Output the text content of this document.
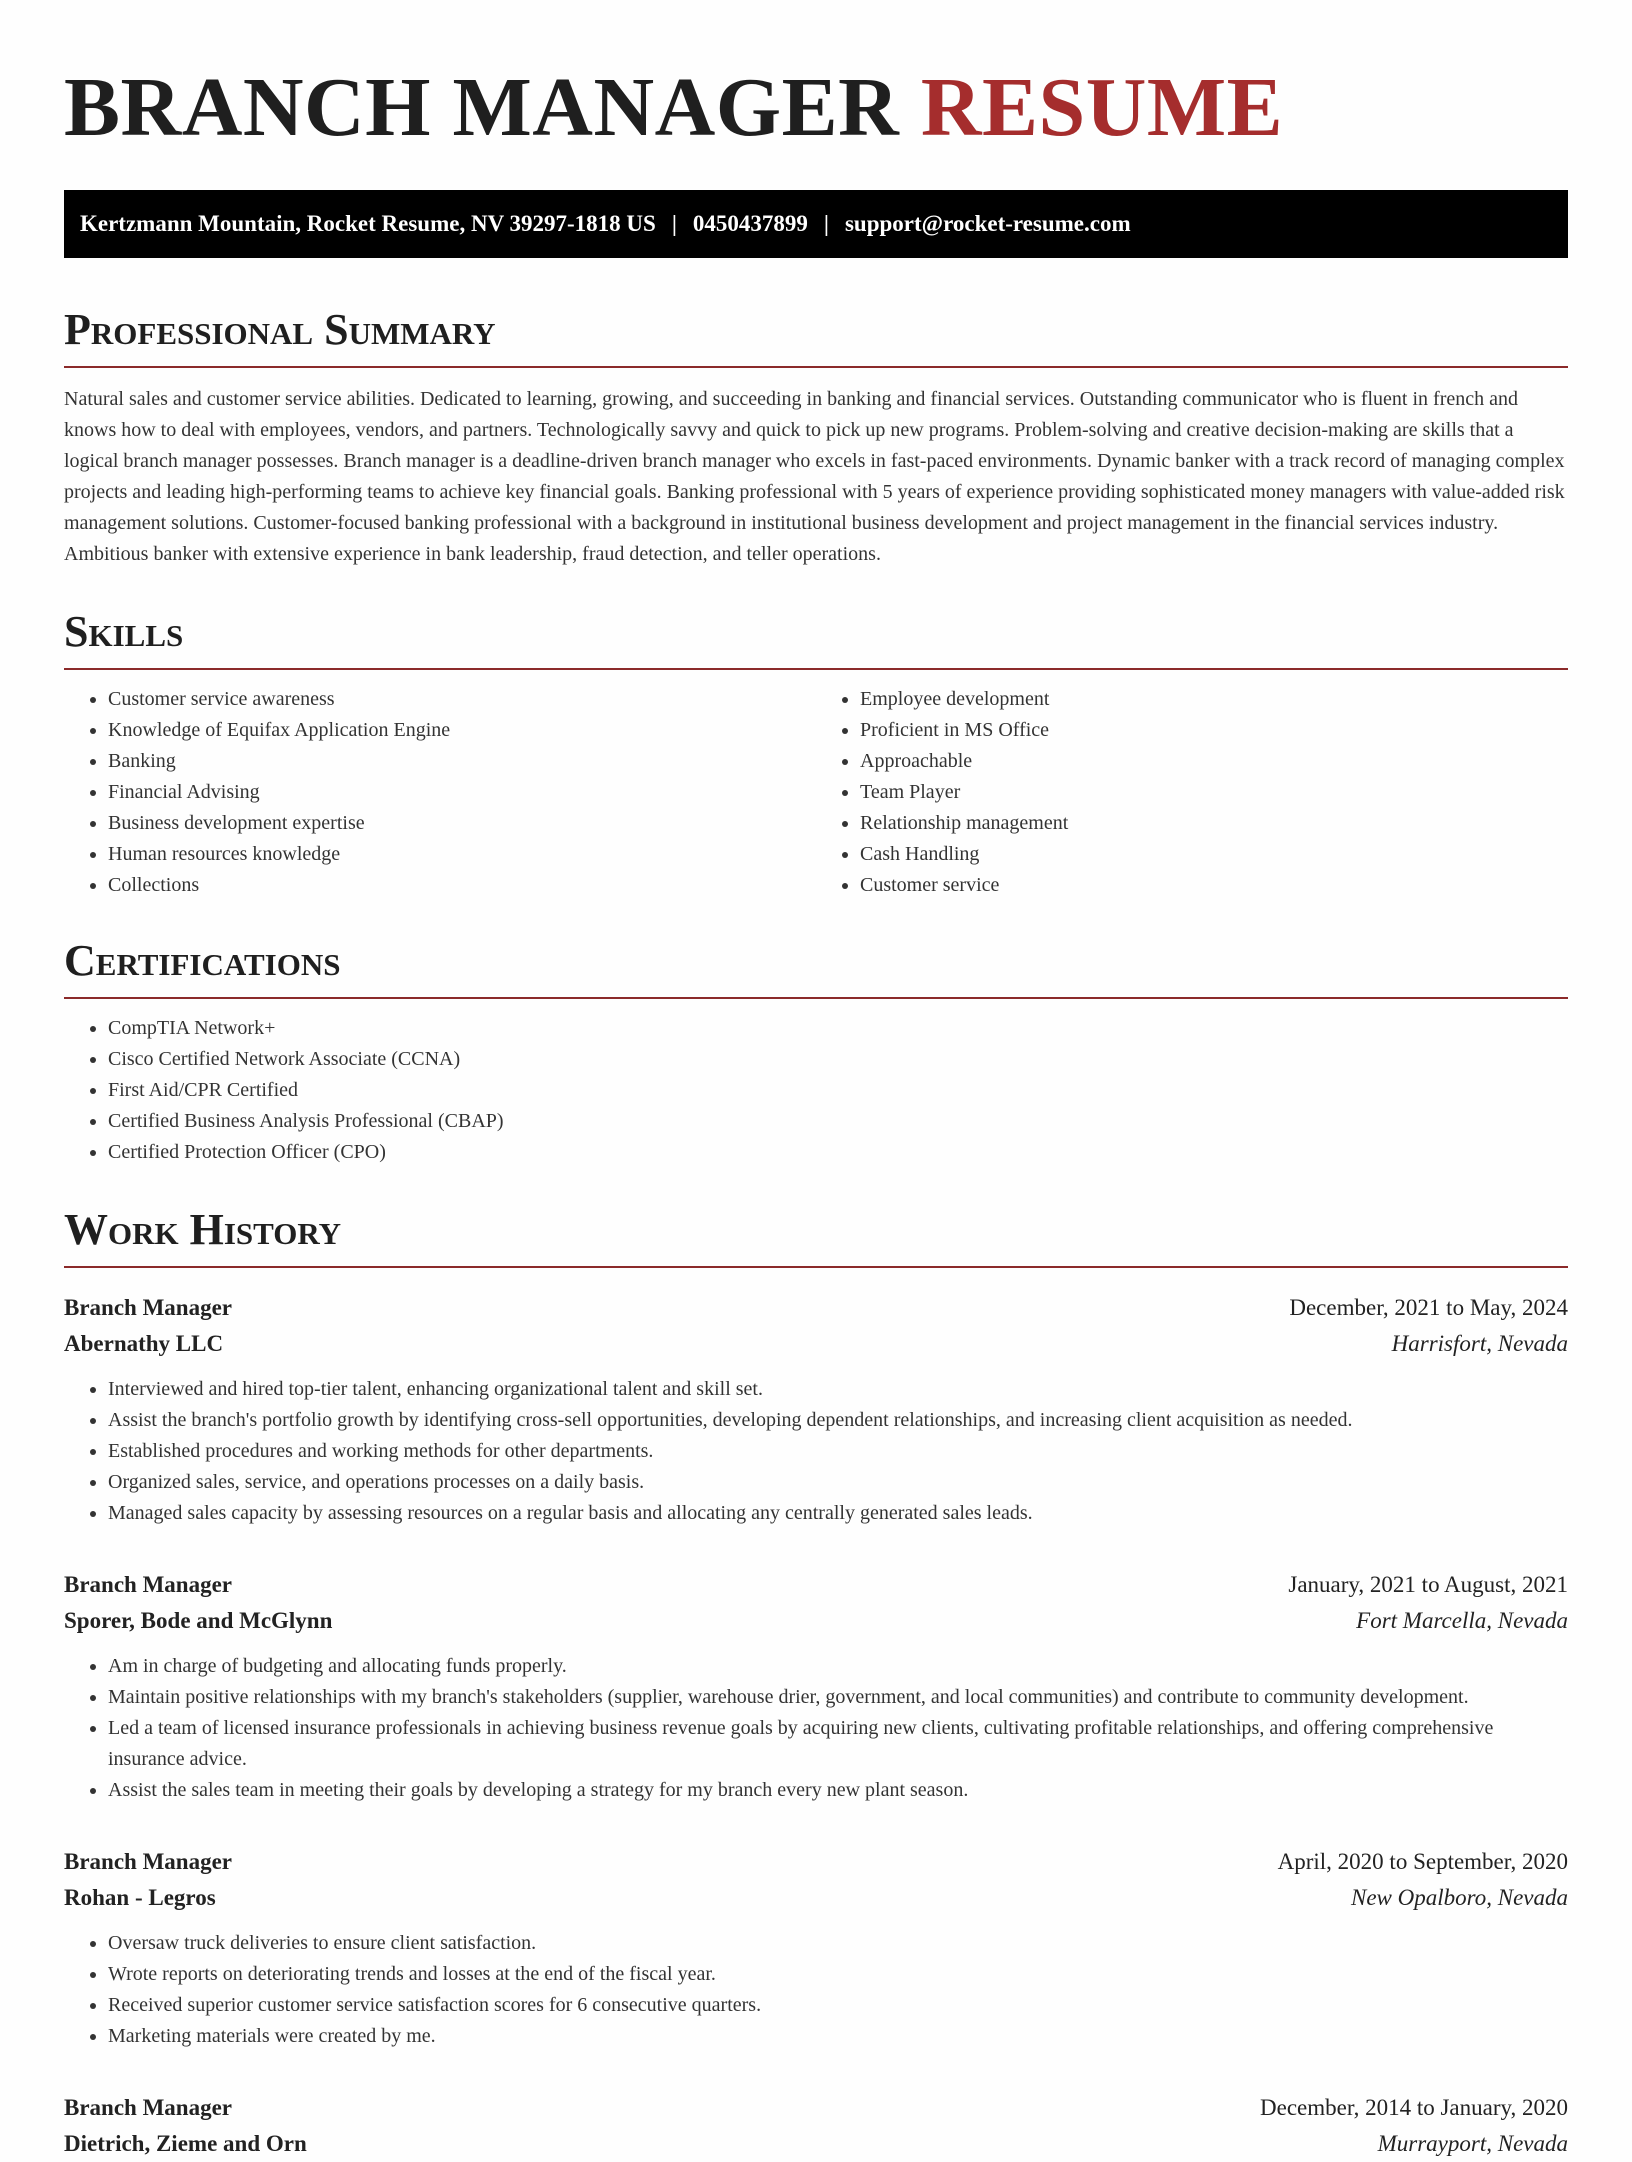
BRANCH MANAGER RESUME
Kertzmann Mountain, Rocket Resume, NV 39297-1818 US | 0450437899 | support@rocket-resume.com
Professional Summary

Natural sales and customer service abilities. Dedicated to learning, growing, and succeeding in banking and financial services. Outstanding communicator who is fluent in french and knows how to deal with employees, vendors, and partners. Technologically savvy and quick to pick up new programs. Problem-solving and creative decision-making are skills that a logical branch manager possesses. Branch manager is a deadline-driven branch manager who excels in fast-paced environments. Dynamic banker with a track record of managing complex projects and leading high-performing teams to achieve key financial goals. Banking professional with 5 years of experience providing sophisticated money managers with value-added risk management solutions. Customer-focused banking professional with a background in institutional business development and project management in the financial services industry. Ambitious banker with extensive experience in bank leadership, fraud detection, and teller operations.

Skills
• Customer service awareness
• Knowledge of Equifax Application Engine
• Banking
• Financial Advising
• Business development expertise
• Human resources knowledge
• Collections
• Employee development
• Proficient in MS Office
• Approachable
• Team Player
• Relationship management
• Cash Handling
• Customer service
Certifications
• CompTIA Network+
• Cisco Certified Network Associate (CCNA)
• First Aid/CPR Certified
• Certified Business Analysis Professional (CBAP)
• Certified Protection Officer (CPO)
Work History
Branch Manager	December, 2021 to May, 2024
Abernathy LLC	Harrisfort, Nevada
• Interviewed and hired top-tier talent, enhancing organizational talent and skill set.
• Assist the branch's portfolio growth by identifying cross-sell opportunities, developing dependent relationships, and increasing client acquisition as needed.
• Established procedures and working methods for other departments.
• Organized sales, service, and operations processes on a daily basis.
• Managed sales capacity by assessing resources on a regular basis and allocating any centrally generated sales leads.
Branch Manager	January, 2021 to August, 2021
Sporer, Bode and McGlynn	Fort Marcella, Nevada
• Am in charge of budgeting and allocating funds properly.
• Maintain positive relationships with my branch's stakeholders (supplier, warehouse drier, government, and local communities) and contribute to community development.
• Led a team of licensed insurance professionals in achieving business revenue goals by acquiring new clients, cultivating profitable relationships, and offering comprehensive insurance advice.
• Assist the sales team in meeting their goals by developing a strategy for my branch every new plant season.
Branch Manager	April, 2020 to September, 2020
Rohan - Legros	New Opalboro, Nevada
• Oversaw truck deliveries to ensure client satisfaction.
• Wrote reports on deteriorating trends and losses at the end of the fiscal year.
• Received superior customer service satisfaction scores for 6 consecutive quarters.
• Marketing materials were created by me.
Branch Manager	December, 2014 to January, 2020
Dietrich, Zieme and Orn	Murrayport, Nevada
